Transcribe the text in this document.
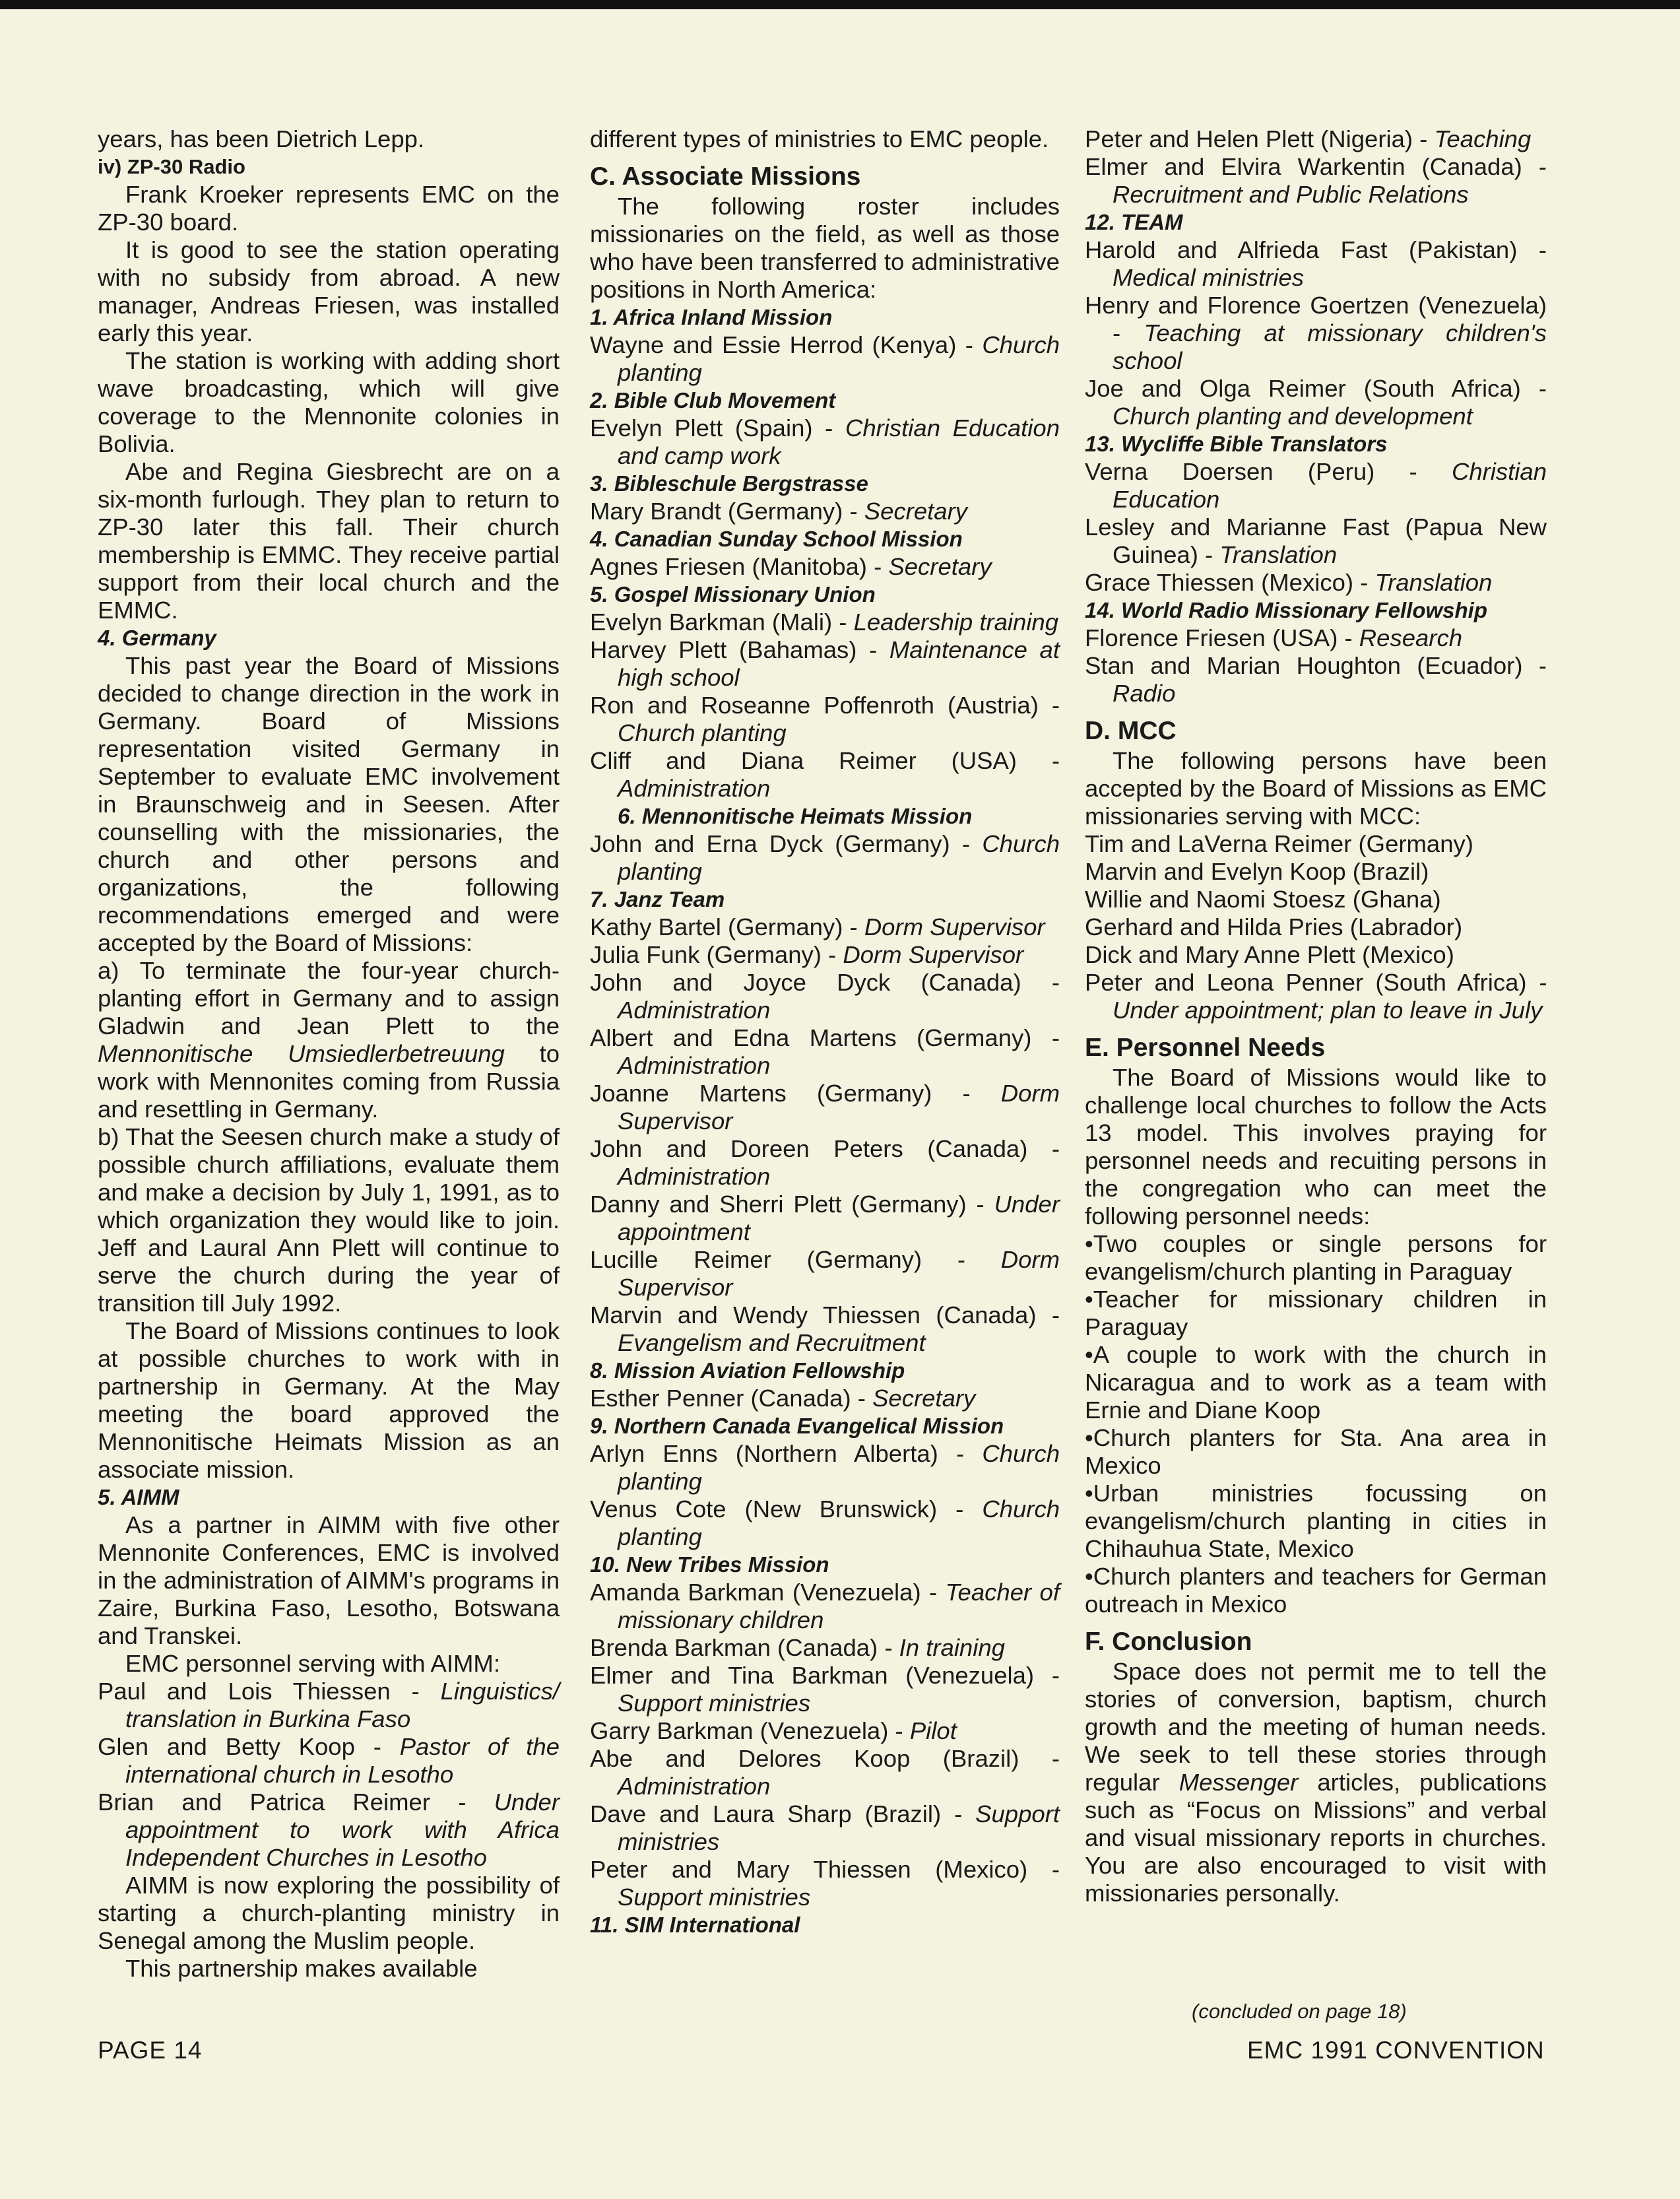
years, has been Dietrich Lepp.

iv) ZP-30 Radio

Frank Kroeker represents EMC on the ZP-30 board.

It is good to see the station operating with no subsidy from abroad. A new manager, Andreas Friesen, was installed early this year.

The station is working with adding short wave broadcasting, which will give coverage to the Mennonite colonies in Bolivia.

Abe and Regina Giesbrecht are on a six-month furlough. They plan to return to ZP-30 later this fall. Their church membership is EMMC. They receive partial support from their local church and the EMMC.

4. Germany

This past year the Board of Missions decided to change direction in the work in Germany. Board of Missions representation visited Germany in September to evaluate EMC involvement in Braunschweig and in Seesen. After counselling with the missionaries, the church and other persons and organizations, the following recommendations emerged and were accepted by the Board of Missions:

a) To terminate the four-year church-planting effort in Germany and to assign Gladwin and Jean Plett to the Mennonitische Umsiedlerbetreuung to work with Mennonites coming from Russia and resettling in Germany.

b) That the Seesen church make a study of possible church affiliations, evaluate them and make a decision by July 1, 1991, as to which organization they would like to join. Jeff and Laural Ann Plett will continue to serve the church during the year of transition till July 1992.

The Board of Missions continues to look at possible churches to work with in partnership in Germany. At the May meeting the board approved the Mennonitische Heimats Mission as an associate mission.

5. AIMM

As a partner in AIMM with five other Mennonite Conferences, EMC is involved in the administration of AIMM's programs in Zaire, Burkina Faso, Lesotho, Botswana and Transkei.

EMC personnel serving with AIMM:

Paul and Lois Thiessen - Linguistics/ translation in Burkina Faso

Glen and Betty Koop - Pastor of the international church in Lesotho

Brian and Patrica Reimer - Under appointment to work with Africa Independent Churches in Lesotho

AIMM is now exploring the possibility of starting a church-planting ministry in Senegal among the Muslim people.

This partnership makes available

different types of ministries to EMC people.

C. Associate Missions

The following roster includes missionaries on the field, as well as those who have been transferred to administrative positions in North America:

1. Africa Inland Mission

Wayne and Essie Herrod (Kenya) - Church planting

2. Bible Club Movement

Evelyn Plett (Spain) - Christian Education and camp work

3. Bibleschule Bergstrasse

Mary Brandt (Germany) - Secretary

4. Canadian Sunday School Mission

Agnes Friesen (Manitoba) - Secretary

5. Gospel Missionary Union

Evelyn Barkman (Mali) - Leadership training

Harvey Plett (Bahamas) - Maintenance at high school

Ron and Roseanne Poffenroth (Austria) - Church planting

Cliff and Diana Reimer (USA) - Administration

6. Mennonitische Heimats Mission

John and Erna Dyck (Germany) - Church planting

7. Janz Team

Kathy Bartel (Germany) - Dorm Supervisor

Julia Funk (Germany) - Dorm Supervisor

John and Joyce Dyck (Canada) - Administration

Albert and Edna Martens (Germany) - Administration

Joanne Martens (Germany) - Dorm Supervisor

John and Doreen Peters (Canada) - Administration

Danny and Sherri Plett (Germany) - Under appointment

Lucille Reimer (Germany) - Dorm Supervisor

Marvin and Wendy Thiessen (Canada) - Evangelism and Recruitment

8. Mission Aviation Fellowship

Esther Penner (Canada) - Secretary

9. Northern Canada Evangelical Mission

Arlyn Enns (Northern Alberta) - Church planting

Venus Cote (New Brunswick) - Church planting

10. New Tribes Mission

Amanda Barkman (Venezuela) - Teacher of missionary children

Brenda Barkman (Canada) - In training

Elmer and Tina Barkman (Venezuela) - Support ministries

Garry Barkman (Venezuela) - Pilot

Abe and Delores Koop (Brazil) - Administration

Dave and Laura Sharp (Brazil) - Support ministries

Peter and Mary Thiessen (Mexico) - Support ministries

11. SIM International

Peter and Helen Plett (Nigeria) - Teaching

Elmer and Elvira Warkentin (Canada) - Recruitment and Public Relations

12. TEAM

Harold and Alfrieda Fast (Pakistan) - Medical ministries

Henry and Florence Goertzen (Venezuela) - Teaching at missionary children's school

Joe and Olga Reimer (South Africa) - Church planting and development

13. Wycliffe Bible Translators

Verna Doersen (Peru) - Christian Education

Lesley and Marianne Fast (Papua New Guinea) - Translation

Grace Thiessen (Mexico) - Translation

14. World Radio Missionary Fellowship

Florence Friesen (USA) - Research

Stan and Marian Houghton (Ecuador) - Radio

D. MCC

The following persons have been accepted by the Board of Missions as EMC missionaries serving with MCC:

Tim and LaVerna Reimer (Germany)

Marvin and Evelyn Koop (Brazil)

Willie and Naomi Stoesz (Ghana)

Gerhard and Hilda Pries (Labrador)

Dick and Mary Anne Plett (Mexico)

Peter and Leona Penner (South Africa) - Under appointment; plan to leave in July

E. Personnel Needs

The Board of Missions would like to challenge local churches to follow the Acts 13 model. This involves praying for personnel needs and recuiting persons in the congregation who can meet the following personnel needs:

•Two couples or single persons for evangelism/church planting in Paraguay

•Teacher for missionary children in Paraguay

•A couple to work with the church in Nicaragua and to work as a team with Ernie and Diane Koop

•Church planters for Sta. Ana area in Mexico

•Urban ministries focussing on evangelism/church planting in cities in Chihauhua State, Mexico

•Church planters and teachers for German outreach in Mexico

F. Conclusion

Space does not permit me to tell the stories of conversion, baptism, church growth and the meeting of human needs. We seek to tell these stories through regular Messenger articles, publications such as “Focus on Missions” and verbal and visual missionary reports in churches. You are also encouraged to visit with missionaries personally.

(concluded on page 18)
PAGE 14	EMC 1991 CONVENTION
